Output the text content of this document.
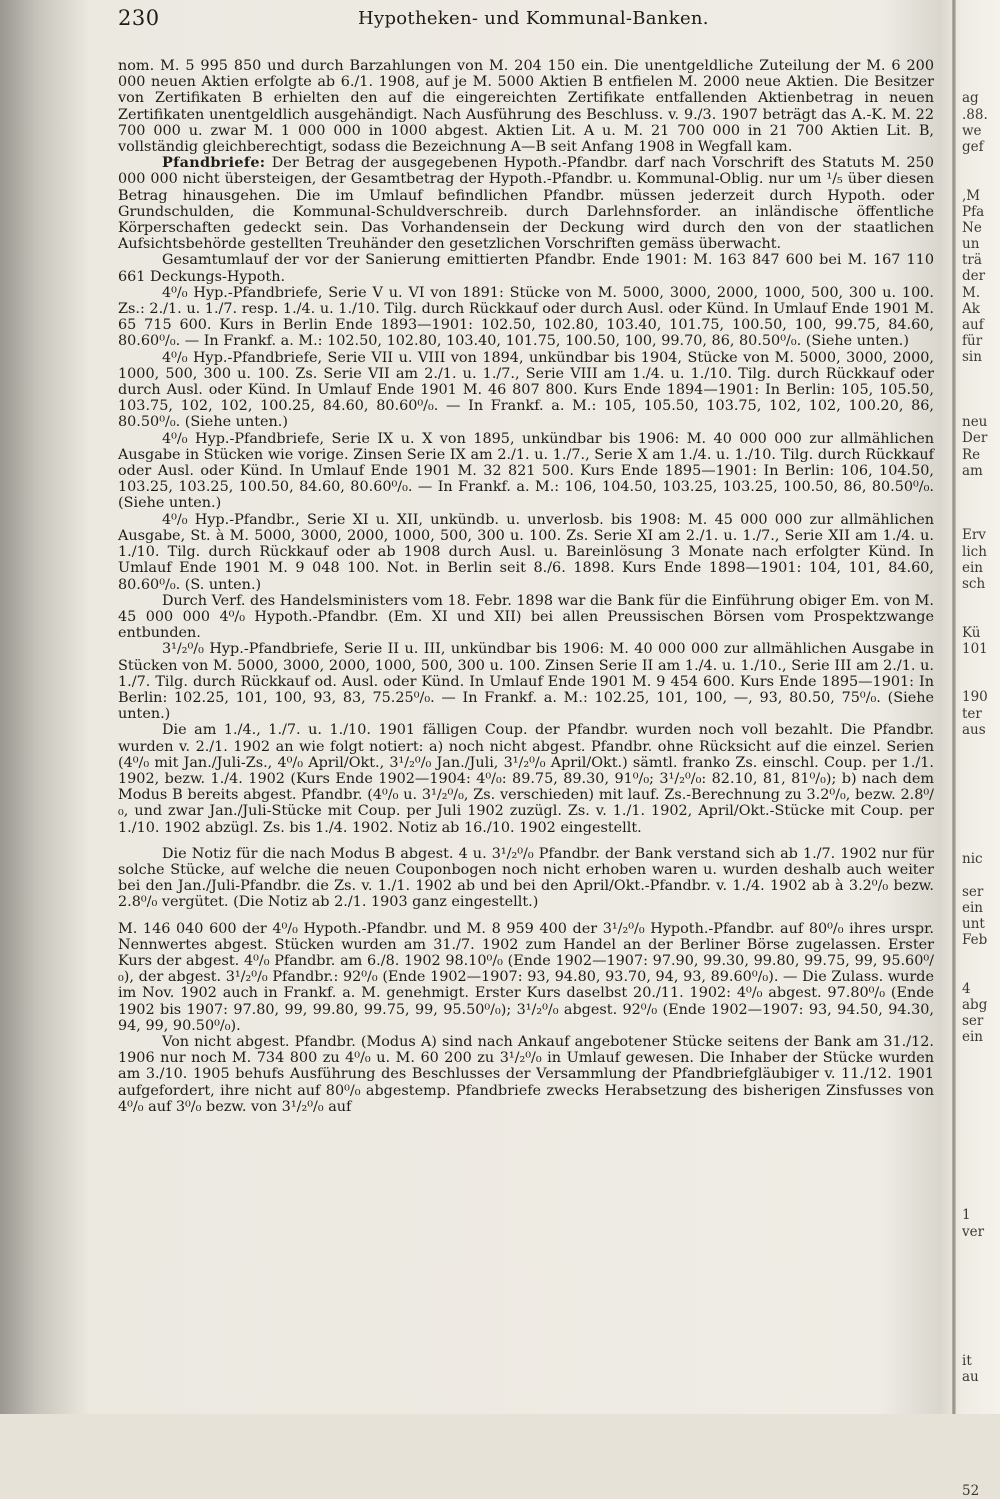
230	Hypotheken- und Kommunal-Banken.

nom. M. 5 995 850 und durch Barzahlungen von M. 204 150 ein. Die unentgeldliche Zuteilung der M. 6 200 000 neuen Aktien erfolgte ab 6./1. 1908, auf je M. 5000 Aktien B entfielen M. 2000 neue Aktien. Die Besitzer von Zertifikaten B erhielten den auf die eingereichten Zertifikate entfallenden Aktienbetrag in neuen Zertifikaten unentgeldlich ausgehändigt. Nach Ausführung des Beschluss. v. 9./3. 1907 beträgt das A.-K. M. 22 700 000 u. zwar M. 1 000 000 in 1000 abgest. Aktien Lit. A u. M. 21 700 000 in 21 700 Aktien Lit. B, vollständig gleichberechtigt, sodass die Bezeichnung A—B seit Anfang 1908 in Wegfall kam.

Pfandbriefe: Der Betrag der ausgegebenen Hypoth.-Pfandbr. darf nach Vorschrift des Statuts M. 250 000 000 nicht übersteigen, der Gesamtbetrag der Hypoth.-Pfandbr. u. Kommunal-Oblig. nur um ¹/₅ über diesen Betrag hinausgehen. Die im Umlauf befindlichen Pfandbr. müssen jederzeit durch Hypoth. oder Grundschulden, die Kommunal-Schuldverschreib. durch Darlehnsforder. an inländische öffentliche Körperschaften gedeckt sein. Das Vorhandensein der Deckung wird durch den von der staatlichen Aufsichtsbehörde gestellten Treuhänder den gesetzlichen Vorschriften gemäss überwacht.

Gesamtumlauf der vor der Sanierung emittierten Pfandbr. Ende 1901: M. 163 847 600 bei M. 167 110 661 Deckungs-Hypoth.

4⁰/₀ Hyp.-Pfandbriefe, Serie V u. VI von 1891: Stücke von M. 5000, 3000, 2000, 1000, 500, 300 u. 100. Zs.: 2./1. u. 1./7. resp. 1./4. u. 1./10. Tilg. durch Rückkauf oder durch Ausl. oder Künd. In Umlauf Ende 1901 M. 65 715 600. Kurs in Berlin Ende 1893—1901: 102.50, 102.80, 103.40, 101.75, 100.50, 100, 99.75, 84.60, 80.60⁰/₀. — In Frankf. a. M.: 102.50, 102.80, 103.40, 101.75, 100.50, 100, 99.70, 86, 80.50⁰/₀. (Siehe unten.)

4⁰/₀ Hyp.-Pfandbriefe, Serie VII u. VIII von 1894, unkündbar bis 1904, Stücke von M. 5000, 3000, 2000, 1000, 500, 300 u. 100. Zs. Serie VII am 2./1. u. 1./7., Serie VIII am 1./4. u. 1./10. Tilg. durch Rückkauf oder durch Ausl. oder Künd. In Umlauf Ende 1901 M. 46 807 800. Kurs Ende 1894—1901: In Berlin: 105, 105.50, 103.75, 102, 102, 100.25, 84.60, 80.60⁰/₀. — In Frankf. a. M.: 105, 105.50, 103.75, 102, 102, 100.20, 86, 80.50⁰/₀. (Siehe unten.)

4⁰/₀ Hyp.-Pfandbriefe, Serie IX u. X von 1895, unkündbar bis 1906: M. 40 000 000 zur allmählichen Ausgabe in Stücken wie vorige. Zinsen Serie IX am 2./1. u. 1./7., Serie X am 1./4. u. 1./10. Tilg. durch Rückkauf oder Ausl. oder Künd. In Umlauf Ende 1901 M. 32 821 500. Kurs Ende 1895—1901: In Berlin: 106, 104.50, 103.25, 103.25, 100.50, 84.60, 80.60⁰/₀. — In Frankf. a. M.: 106, 104.50, 103.25, 103.25, 100.50, 86, 80.50⁰/₀. (Siehe unten.)

4⁰/₀ Hyp.-Pfandbr., Serie XI u. XII, unkündb. u. unverlosb. bis 1908: M. 45 000 000 zur allmählichen Ausgabe, St. à M. 5000, 3000, 2000, 1000, 500, 300 u. 100. Zs. Serie XI am 2./1. u. 1./7., Serie XII am 1./4. u. 1./10. Tilg. durch Rückkauf oder ab 1908 durch Ausl. u. Bareinlösung 3 Monate nach erfolgter Künd. In Umlauf Ende 1901 M. 9 048 100. Not. in Berlin seit 8./6. 1898. Kurs Ende 1898—1901: 104, 101, 84.60, 80.60⁰/₀. (S. unten.)

Durch Verf. des Handelsministers vom 18. Febr. 1898 war die Bank für die Einführung obiger Em. von M. 45 000 000 4⁰/₀ Hypoth.-Pfandbr. (Em. XI und XII) bei allen Preussischen Börsen vom Prospektzwange entbunden.

3¹/₂⁰/₀ Hyp.-Pfandbriefe, Serie II u. III, unkündbar bis 1906: M. 40 000 000 zur allmählichen Ausgabe in Stücken von M. 5000, 3000, 2000, 1000, 500, 300 u. 100. Zinsen Serie II am 1./4. u. 1./10., Serie III am 2./1. u. 1./7. Tilg. durch Rückkauf od. Ausl. oder Künd. In Umlauf Ende 1901 M. 9 454 600. Kurs Ende 1895—1901: In Berlin: 102.25, 101, 100, 93, 83, 75.25⁰/₀. — In Frankf. a. M.: 102.25, 101, 100, —, 93, 80.50, 75⁰/₀. (Siehe unten.)

Die am 1./4., 1./7. u. 1./10. 1901 fälligen Coup. der Pfandbr. wurden noch voll bezahlt. Die Pfandbr. wurden v. 2./1. 1902 an wie folgt notiert: a) noch nicht abgest. Pfandbr. ohne Rücksicht auf die einzel. Serien (4⁰/₀ mit Jan./Juli-Zs., 4⁰/₀ April/Okt., 3¹/₂⁰/₀ Jan./Juli, 3¹/₂⁰/₀ April/Okt.) sämtl. franko Zs. einschl. Coup. per 1./1. 1902, bezw. 1./4. 1902 (Kurs Ende 1902—1904: 4⁰/₀: 89.75, 89.30, 91⁰/₀; 3¹/₂⁰/₀: 82.10, 81, 81⁰/₀); b) nach dem Modus B bereits abgest. Pfandbr. (4⁰/₀ u. 3¹/₂⁰/₀, Zs. verschieden) mit lauf. Zs.-Berechnung zu 3.2⁰/₀, bezw. 2.8⁰/₀, und zwar Jan./Juli-Stücke mit Coup. per Juli 1902 zuzügl. Zs. v. 1./1. 1902, April/Okt.-Stücke mit Coup. per 1./10. 1902 abzügl. Zs. bis 1./4. 1902. Notiz ab 16./10. 1902 eingestellt.

Die Notiz für die nach Modus B abgest. 4 u. 3¹/₂⁰/₀ Pfandbr. der Bank verstand sich ab 1./7. 1902 nur für solche Stücke, auf welche die neuen Couponbogen noch nicht erhoben waren u. wurden deshalb auch weiter bei den Jan./Juli-Pfandbr. die Zs. v. 1./1. 1902 ab und bei den April/Okt.-Pfandbr. v. 1./4. 1902 ab à 3.2⁰/₀ bezw. 2.8⁰/₀ vergütet. (Die Notiz ab 2./1. 1903 ganz eingestellt.)

M. 146 040 600 der 4⁰/₀ Hypoth.-Pfandbr. und M. 8 959 400 der 3¹/₂⁰/₀ Hypoth.-Pfandbr. auf 80⁰/₀ ihres urspr. Nennwertes abgest. Stücken wurden am 31./7. 1902 zum Handel an der Berliner Börse zugelassen. Erster Kurs der abgest. 4⁰/₀ Pfandbr. am 6./8. 1902 98.10⁰/₀ (Ende 1902—1907: 97.90, 99.30, 99.80, 99.75, 99, 95.60⁰/₀), der abgest. 3¹/₂⁰/₀ Pfandbr.: 92⁰/₀ (Ende 1902—1907: 93, 94.80, 93.70, 94, 93, 89.60⁰/₀). — Die Zulass. wurde im Nov. 1902 auch in Frankf. a. M. genehmigt. Erster Kurs daselbst 20./11. 1902: 4⁰/₀ abgest. 97.80⁰/₀ (Ende 1902 bis 1907: 97.80, 99, 99.80, 99.75, 99, 95.50⁰/₀); 3¹/₂⁰/₀ abgest. 92⁰/₀ (Ende 1902—1907: 93, 94.50, 94.30, 94, 99, 90.50⁰/₀).

Von nicht abgest. Pfandbr. (Modus A) sind nach Ankauf angebotener Stücke seitens der Bank am 31./12. 1906 nur noch M. 734 800 zu 4⁰/₀ u. M. 60 200 zu 3¹/₂⁰/₀ in Umlauf gewesen. Die Inhaber der Stücke wurden am 3./10. 1905 behufs Ausführung des Beschlusses der Versammlung der Pfandbriefgläubiger v. 11./12. 1901 aufgefordert, ihre nicht auf 80⁰/₀ abgestemp. Pfandbriefe zwecks Herabsetzung des bisherigen Zinsfusses von 4⁰/₀ auf 3⁰/₀ bezw. von 3¹/₂⁰/₀ auf

ag
.88.
we
gef
,M
Pfa
Ne
un
trä
der
M.
Ak
auf
für
sin
neu
Der
Re
am
Erv
lich
ein
sch
Kü
101
190
ter
aus
nic
ser
ein
unt
Feb
4
abg
ser
ein
1
ver
it
au
52
